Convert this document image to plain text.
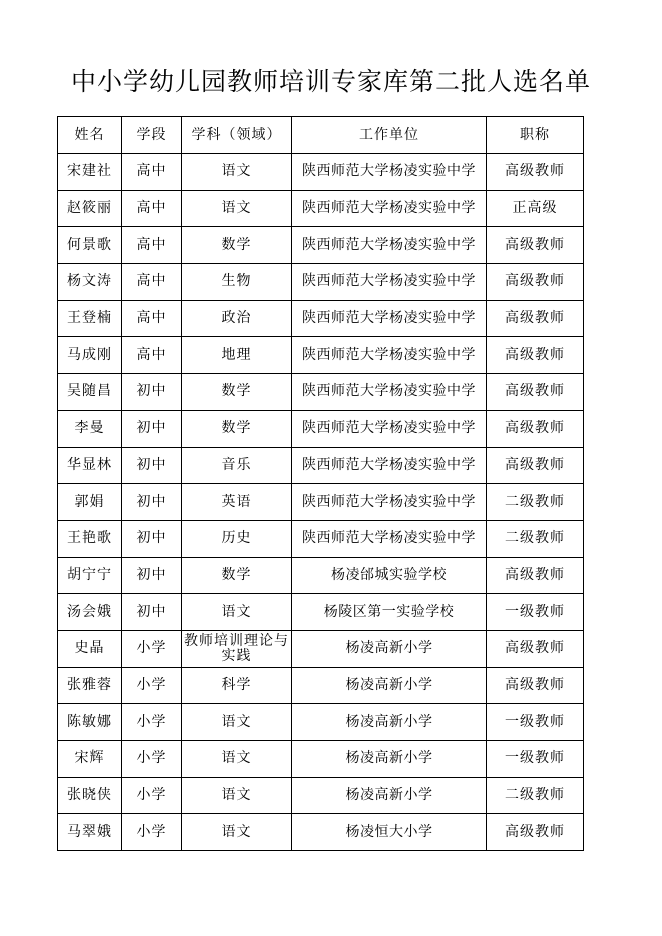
中小学幼儿园教师培训专家库第二批人选名单
姓名	学段	学科（领域）	工作单位	职称
宋建社	高中	语文	陕西师范大学杨凌实验中学	高级教师
赵筱丽	高中	语文	陕西师范大学杨凌实验中学	正高级
何景歌	高中	数学	陕西师范大学杨凌实验中学	高级教师
杨文涛	高中	生物	陕西师范大学杨凌实验中学	高级教师
王登楠	高中	政治	陕西师范大学杨凌实验中学	高级教师
马成刚	高中	地理	陕西师范大学杨凌实验中学	高级教师
吴随昌	初中	数学	陕西师范大学杨凌实验中学	高级教师
李曼	初中	数学	陕西师范大学杨凌实验中学	高级教师
华显林	初中	音乐	陕西师范大学杨凌实验中学	高级教师
郭娟	初中	英语	陕西师范大学杨凌实验中学	二级教师
王艳歌	初中	历史	陕西师范大学杨凌实验中学	二级教师
胡宁宁	初中	数学	杨凌邰城实验学校	高级教师
汤会娥	初中	语文	杨陵区第一实验学校	一级教师
史晶	小学	教师培训理论与实践	杨凌高新小学	高级教师
张雅蓉	小学	科学	杨凌高新小学	高级教师
陈敏娜	小学	语文	杨凌高新小学	一级教师
宋辉	小学	语文	杨凌高新小学	一级教师
张晓侠	小学	语文	杨凌高新小学	二级教师
马翠娥	小学	语文	杨凌恒大小学	高级教师
